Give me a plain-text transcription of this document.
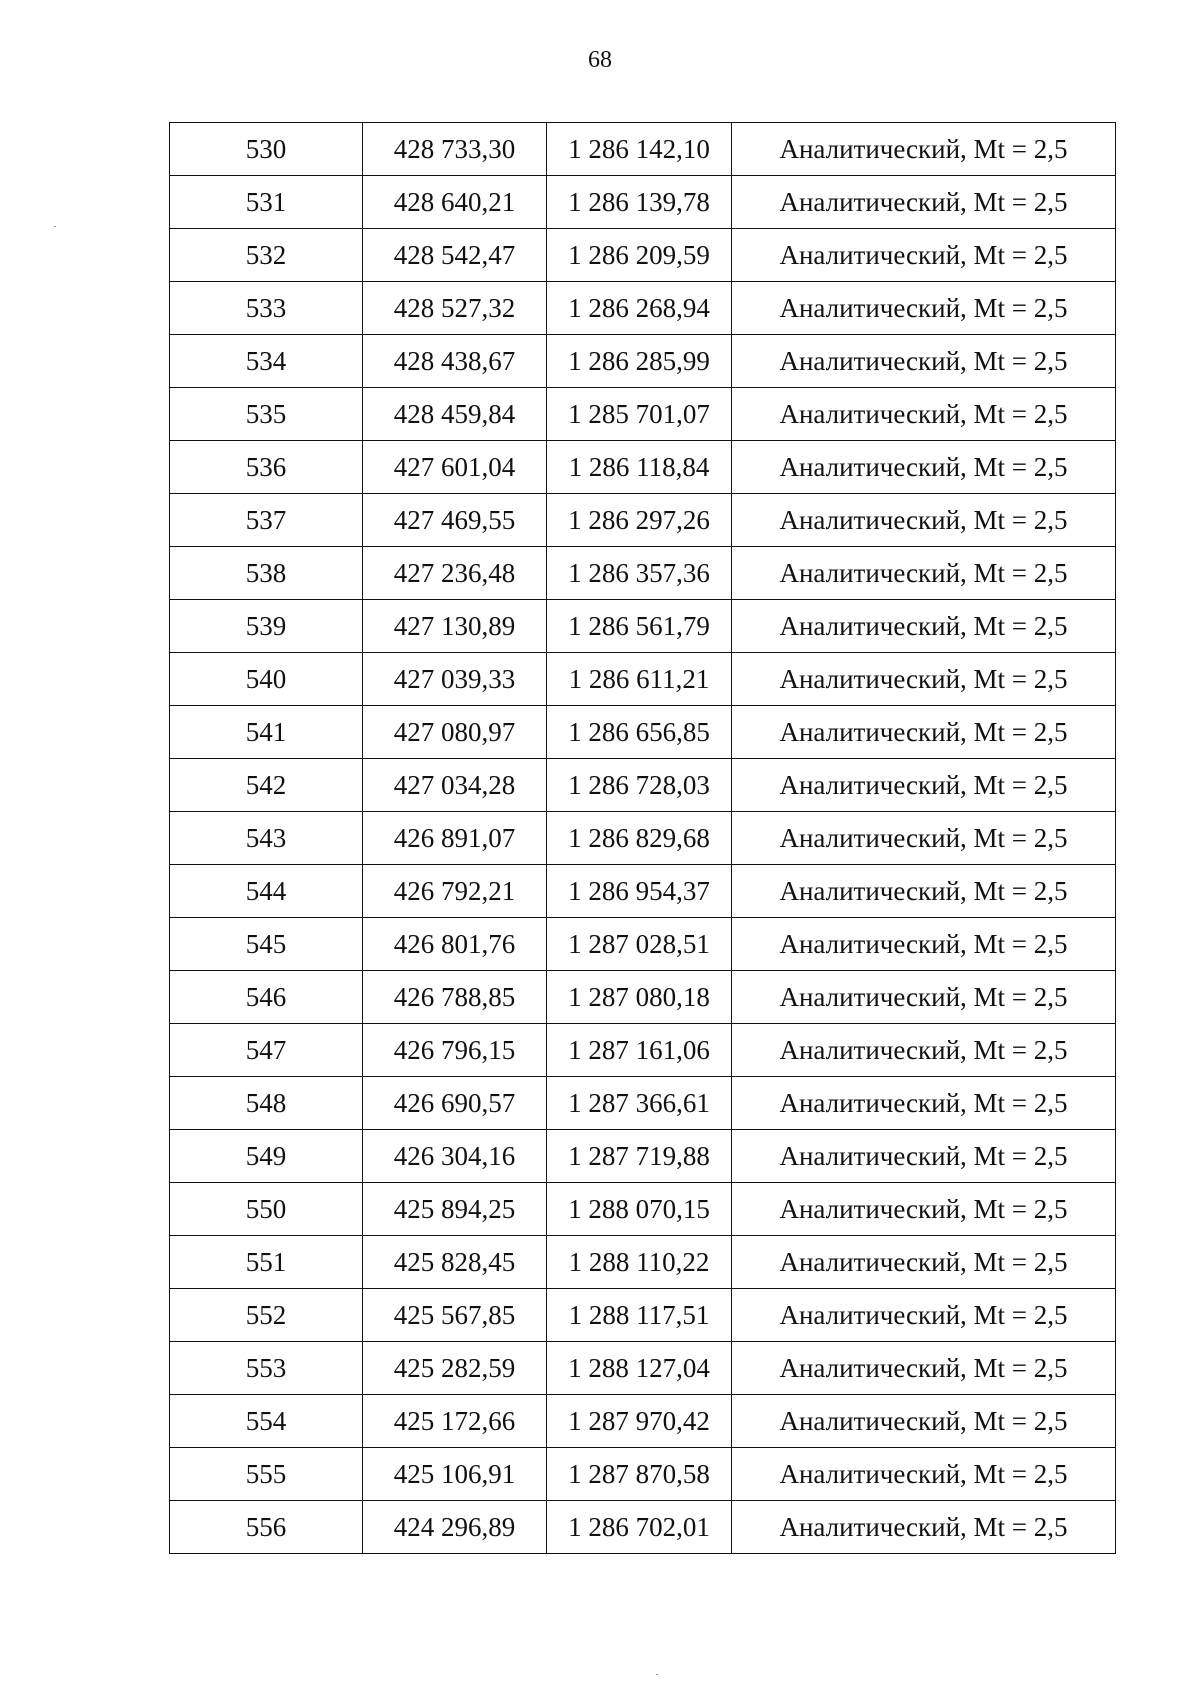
68
530	428 733,30	1 286 142,10	Аналитический, Mt = 2,5
531	428 640,21	1 286 139,78	Аналитический, Mt = 2,5
532	428 542,47	1 286 209,59	Аналитический, Mt = 2,5
533	428 527,32	1 286 268,94	Аналитический, Mt = 2,5
534	428 438,67	1 286 285,99	Аналитический, Mt = 2,5
535	428 459,84	1 285 701,07	Аналитический, Mt = 2,5
536	427 601,04	1 286 118,84	Аналитический, Mt = 2,5
537	427 469,55	1 286 297,26	Аналитический, Mt = 2,5
538	427 236,48	1 286 357,36	Аналитический, Mt = 2,5
539	427 130,89	1 286 561,79	Аналитический, Mt = 2,5
540	427 039,33	1 286 611,21	Аналитический, Mt = 2,5
541	427 080,97	1 286 656,85	Аналитический, Mt = 2,5
542	427 034,28	1 286 728,03	Аналитический, Mt = 2,5
543	426 891,07	1 286 829,68	Аналитический, Mt = 2,5
544	426 792,21	1 286 954,37	Аналитический, Mt = 2,5
545	426 801,76	1 287 028,51	Аналитический, Mt = 2,5
546	426 788,85	1 287 080,18	Аналитический, Mt = 2,5
547	426 796,15	1 287 161,06	Аналитический, Mt = 2,5
548	426 690,57	1 287 366,61	Аналитический, Mt = 2,5
549	426 304,16	1 287 719,88	Аналитический, Mt = 2,5
550	425 894,25	1 288 070,15	Аналитический, Mt = 2,5
551	425 828,45	1 288 110,22	Аналитический, Mt = 2,5
552	425 567,85	1 288 117,51	Аналитический, Mt = 2,5
553	425 282,59	1 288 127,04	Аналитический, Mt = 2,5
554	425 172,66	1 287 970,42	Аналитический, Mt = 2,5
555	425 106,91	1 287 870,58	Аналитический, Mt = 2,5
556	424 296,89	1 286 702,01	Аналитический, Mt = 2,5
